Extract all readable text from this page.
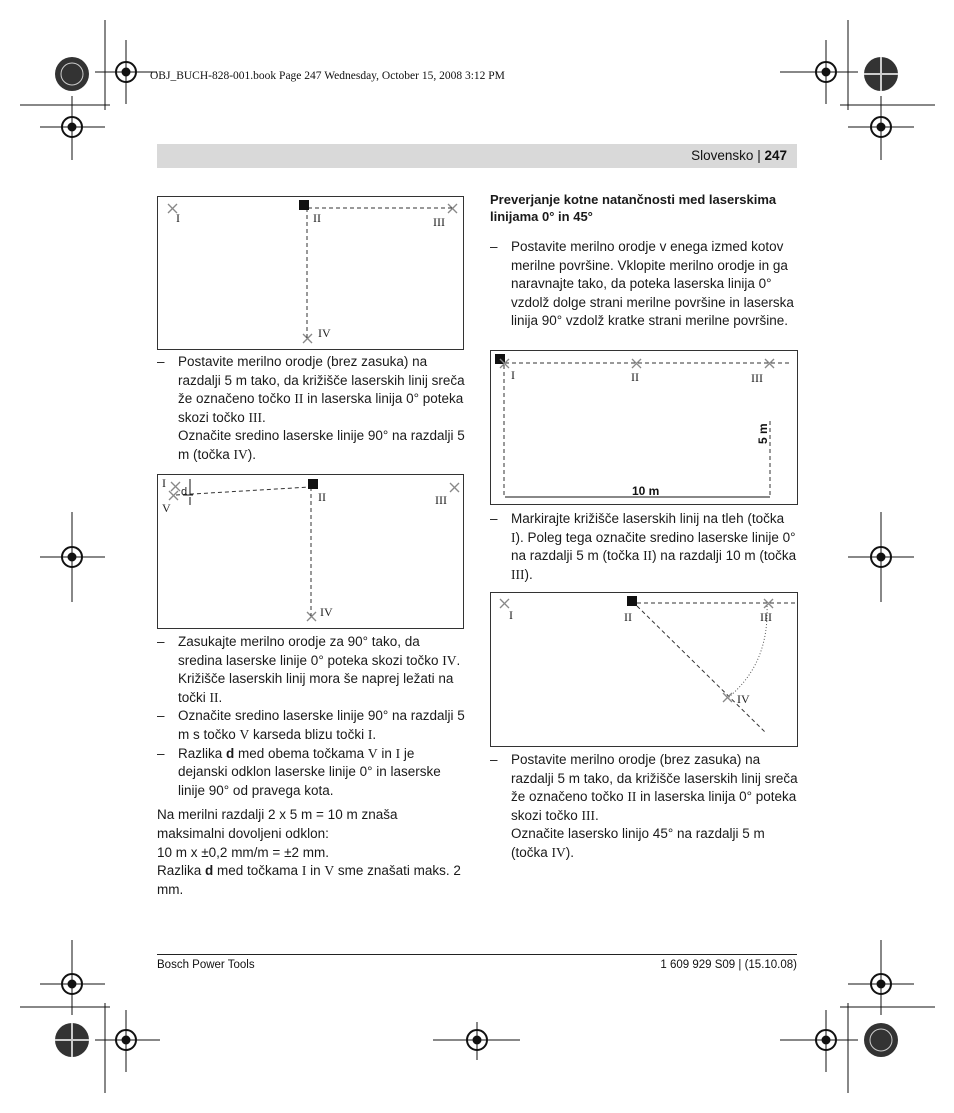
OBJ_BUCH-828-001.book Page 247 Wednesday, October 15, 2008 3:12 PM
Slovensko | 247
I	II	III
IV
I
V
d	II	III
IV
– Postavite merilno orodje (brez zasuka) na razdalji 5 m tako, da križišče laserskih linij sreča že označeno točko II in laserska linija 0° poteka skozi točko III.
Označite sredino laserske linije 90° na razdalji 5 m (točka IV).
– Zasukajte merilno orodje za 90° tako, da sredina laserske linije 0° poteka skozi točko IV.
Križišče laserskih linij mora še naprej ležati na točki II.
– Označite sredino laserske linije 90° na razdalji 5 m s točko V karseda blizu točki I.
– Razlika d med obema točkama V in I je dejanski odklon laserske linije 0° in laserske linije 90° od pravega kota.

Na merilni razdalji 2 x 5 m = 10 m znaša maksimalni dovoljeni odklon:
10 m x ±0,2 mm/m = ±2 mm.
Razlika d med točkama I in V sme znašati maks. 2 mm.

Preverjanje kotne natančnosti med laserskima linijama 0° in 45°

– Postavite merilno orodje v enega izmed kotov merilne površine. Vklopite merilno orodje in ga naravnajte tako, da poteka laserska linija 0° vzdolž dolge strani merilne površine in laserska linija 90° vzdolž kratke strani merilne površine.
I	II	III
10 m
5 m
– Markirajte križišče laserskih linij na tleh (točka I). Poleg tega označite sredino laserske linije 0° na razdalji 5 m (točka II) na razdalji 10 m (točka III).
I	II	III
IV
– Postavite merilno orodje (brez zasuka) na razdalji 5 m tako, da križišče laserskih linij sreča že označeno točko II in laserska linija 0° poteka skozi točko III.
Označite lasersko linijo 45° na razdalji 5 m (točka IV).
Bosch Power Tools	1 609 929 S09 | (15.10.08)
